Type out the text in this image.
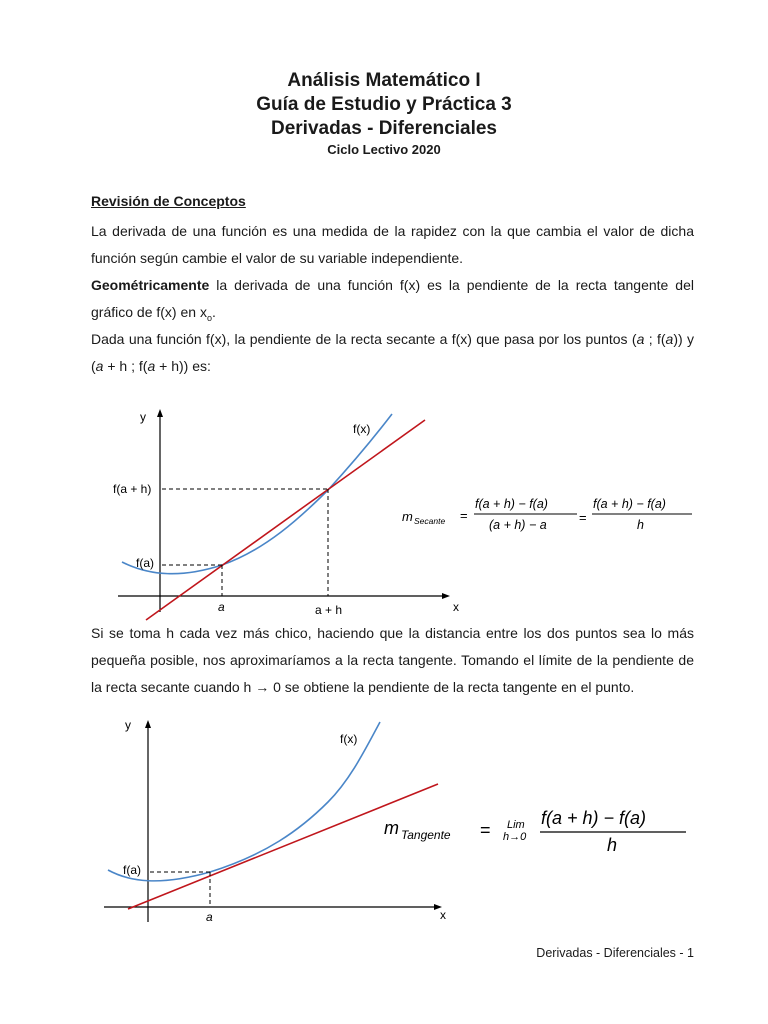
Análisis Matemático I
Guía de Estudio y Práctica 3
Derivadas - Diferenciales
Ciclo Lectivo 2020
Revisión de Conceptos
La derivada de una función es una medida de la rapidez con la que cambia el valor de dicha función según cambie el valor de su variable independiente.
Geométricamente la derivada de una función f(x) es la pendiente de la recta tangente del gráfico de f(x) en $x_o$.
Dada una función f(x), la pendiente de la recta secante a f(x) que pasa por los puntos (a ; f(a)) y (a + h ; f(a + h)) es:
y
x
f(x)
f(a + h)
f(a)
a	a + h
m Secante =
f(a + h) − f(a)
(a + h) − a =
f(a + h) − f(a)
h
Si se toma h cada vez más chico, haciendo que la distancia entre los dos puntos sea lo más pequeña posible, nos aproximaríamos a la recta tangente. Tomando el límite de la pendiente de la recta secante cuando h → 0 se obtiene la pendiente de la recta tangente en el punto.
y
x
f(x)
f(a)
a
m Tangente = Lim
h→0
f(a + h) − f(a)
h
Derivadas - Diferenciales - 1
